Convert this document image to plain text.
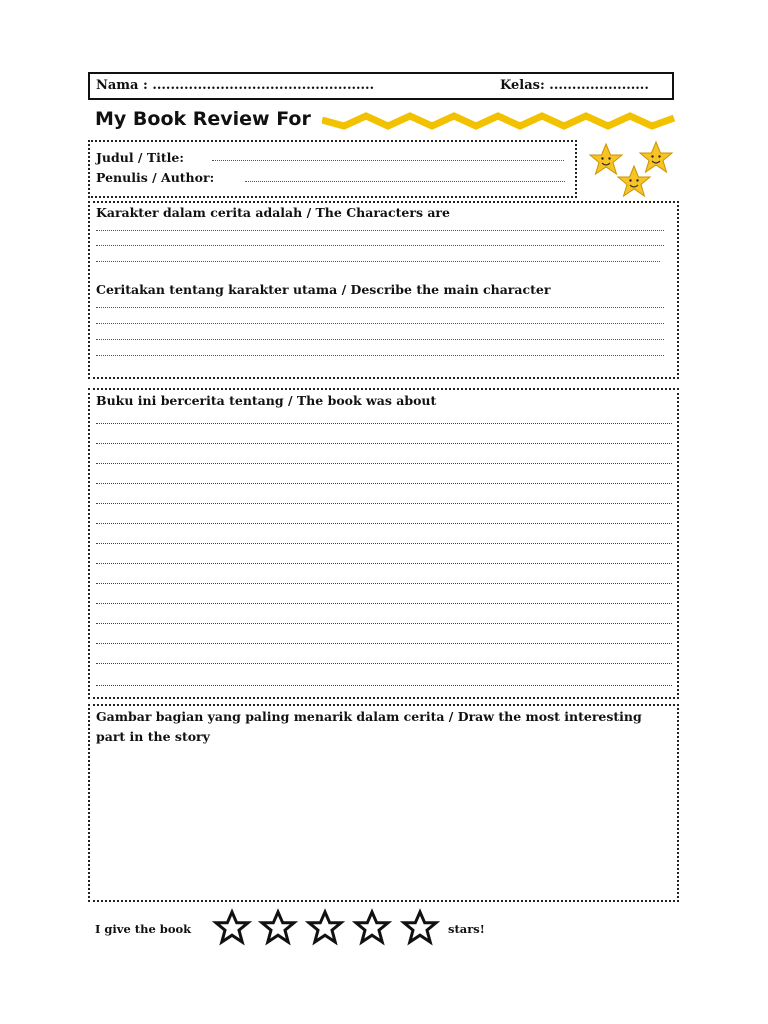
Nama : .................................................	Kelas: ......................
My Book Review For
Judul / Title:
Penulis / Author:
Karakter dalam cerita adalah / The Characters are
Ceritakan tentang karakter utama / Describe the main character
Buku ini bercerita tentang / The book was about
Gambar bagian yang paling menarik dalam cerita / Draw the most interesting part in the story
I give the book	stars!
